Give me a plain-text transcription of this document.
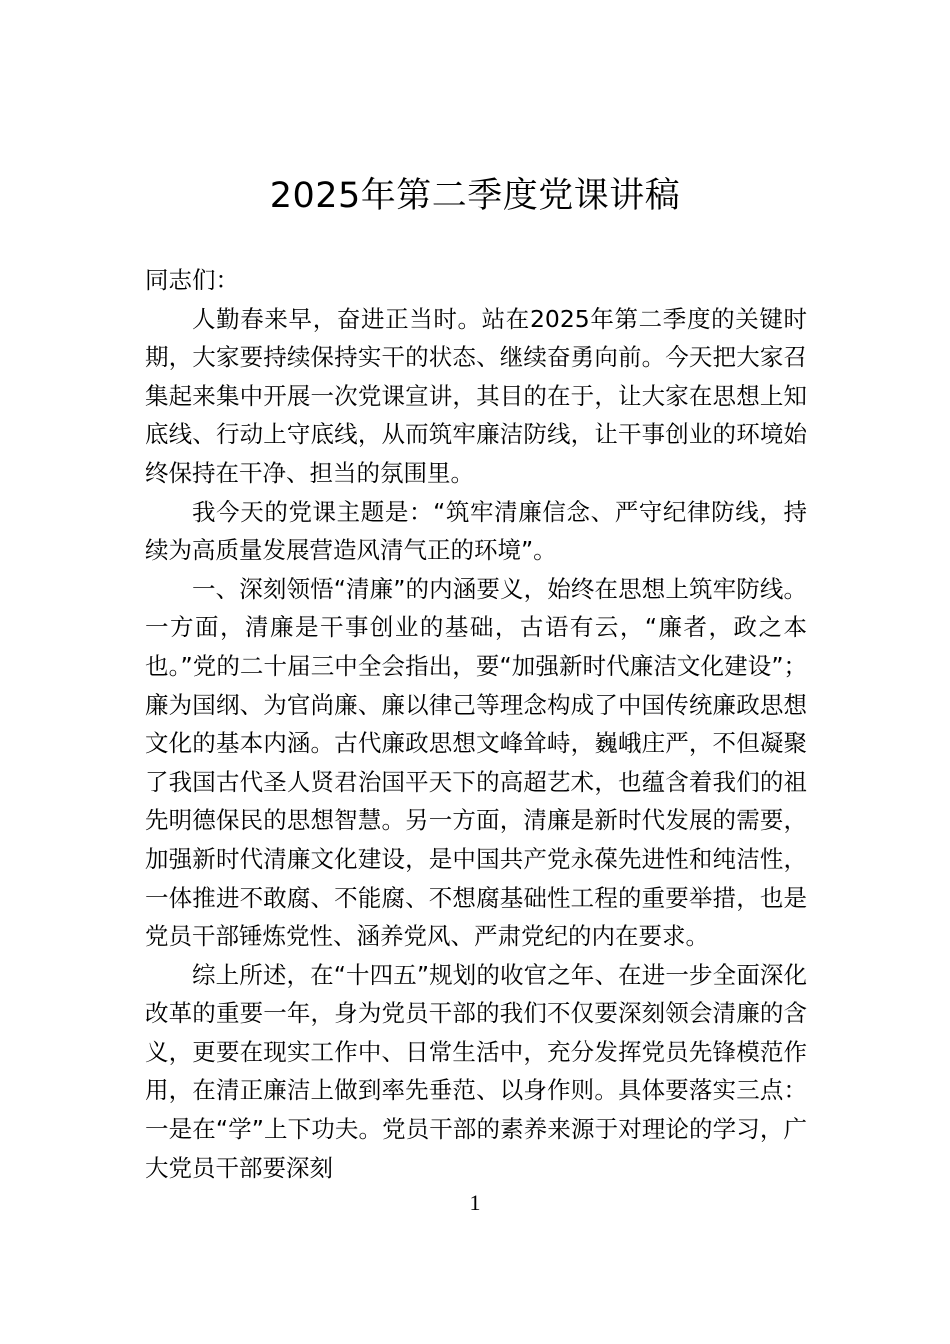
2025年第二季度党课讲稿

同志们：

人勤春来早，奋进正当时。站在2025年第二季度的关键时期，大家要持续保持实干的状态、继续奋勇向前。今天把大家召集起来集中开展一次党课宣讲，其目的在于，让大家在思想上知底线、行动上守底线，从而筑牢廉洁防线，让干事创业的环境始终保持在干净、担当的氛围里。

我今天的党课主题是：“筑牢清廉信念、严守纪律防线，持续为高质量发展营造风清气正的环境”。

一、深刻领悟“清廉”的内涵要义，始终在思想上筑牢防线。一方面，清廉是干事创业的基础，古语有云，“廉者，政之本也。”党的二十届三中全会指出，要“加强新时代廉洁文化建设”；廉为国纲、为官尚廉、廉以律己等理念构成了中国传统廉政思想文化的基本内涵。古代廉政思想文峰耸峙，巍峨庄严，不但凝聚了我国古代圣人贤君治国平天下的高超艺术，也蕴含着我们的祖先明德保民的思想智慧。另一方面，清廉是新时代发展的需要，加强新时代清廉文化建设，是中国共产党永葆先进性和纯洁性，一体推进不敢腐、不能腐、不想腐基础性工程的重要举措，也是党员干部锤炼党性、涵养党风、严肃党纪的内在要求。

综上所述，在“十四五”规划的收官之年、在进一步全面深化改革的重要一年，身为党员干部的我们不仅要深刻领会清廉的含义，更要在现实工作中、日常生活中，充分发挥党员先锋模范作用，在清正廉洁上做到率先垂范、以身作则。具体要落实三点：一是在“学”上下功夫。党员干部的素养来源于对理论的学习，广大党员干部要深刻

1
